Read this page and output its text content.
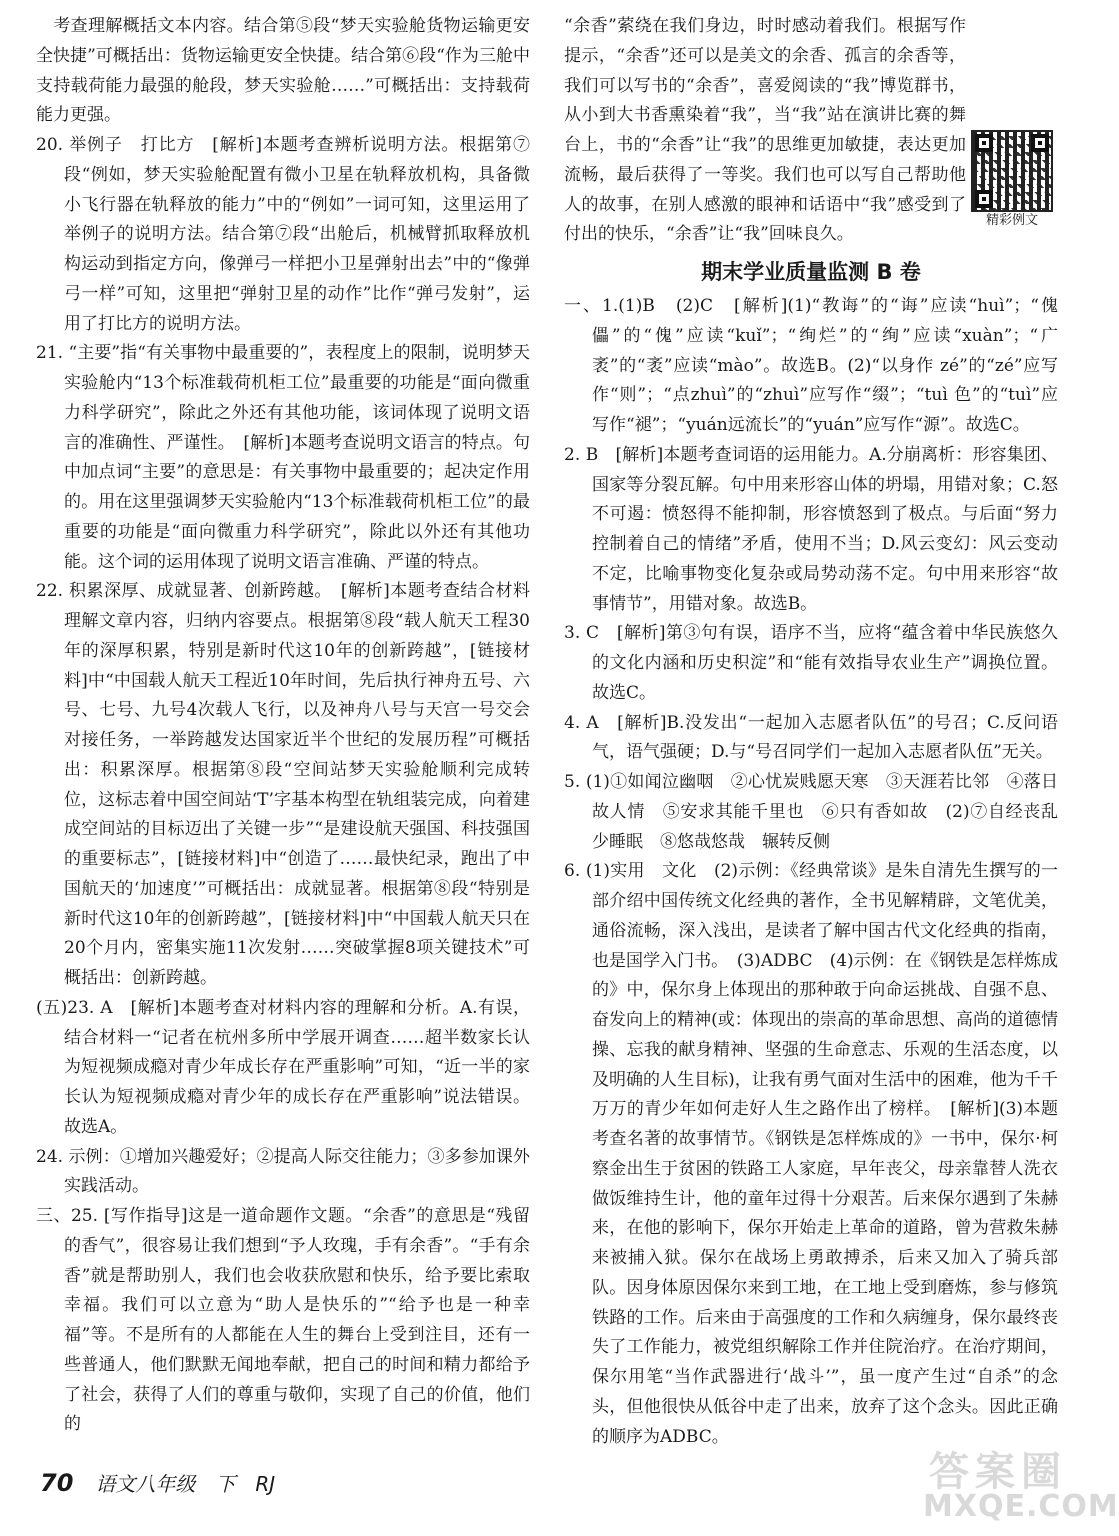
　考查理解概括文本内容。结合第⑤段“梦天实验舱货物运输更安全快捷”可概括出：货物运输更安全快捷。结合第⑥段“作为三舱中支持载荷能力最强的舱段，梦天实验舱……”可概括出：支持载荷能力更强。

20. 举例子　打比方　[解析]本题考查辨析说明方法。根据第⑦段“例如，梦天实验舱配置有微小卫星在轨释放机构，具备微小飞行器在轨释放的能力”中的“例如”一词可知，这里运用了举例子的说明方法。结合第⑦段“出舱后，机械臂抓取释放机构运动到指定方向，像弹弓一样把小卫星弹射出去”中的“像弹弓一样”可知，这里把“弹射卫星的动作”比作“弹弓发射”，运用了打比方的说明方法。

21. “主要”指“有关事物中最重要的”，表程度上的限制，说明梦天实验舱内“13个标准载荷机柜工位”最重要的功能是“面向微重力科学研究”，除此之外还有其他功能，该词体现了说明文语言的准确性、严谨性。　[解析]本题考查说明文语言的特点。句中加点词“主要”的意思是：有关事物中最重要的；起决定作用的。用在这里强调梦天实验舱内“13个标准载荷机柜工位”的最重要的功能是“面向微重力科学研究”，除此以外还有其他功能。这个词的运用体现了说明文语言准确、严谨的特点。

22. 积累深厚、成就显著、创新跨越。　[解析]本题考查结合材料理解文章内容，归纳内容要点。根据第⑧段“载人航天工程30年的深厚积累，特别是新时代这10年的创新跨越”，[链接材料]中“中国载人航天工程近10年时间，先后执行神舟五号、六号、七号、九号4次载人飞行，以及神舟八号与天宫一号交会对接任务，一举跨越发达国家近半个世纪的发展历程”可概括出：积累深厚。根据第⑧段“空间站梦天实验舱顺利完成转位，这标志着中国空间站‘T’字基本构型在轨组装完成，向着建成空间站的目标迈出了关键一步”“是建设航天强国、科技强国的重要标志”，[链接材料]中“创造了……最快纪录，跑出了中国航天的‘加速度’”可概括出：成就显著。根据第⑧段“特别是新时代这10年的创新跨越”，[链接材料]中“中国载人航天只在20个月内，密集实施11次发射……突破掌握8项关键技术”可概括出：创新跨越。

(五)23. A　[解析]本题考查对材料内容的理解和分析。A.有误，结合材料一“记者在杭州多所中学展开调查……超半数家长认为短视频成瘾对青少年成长存在严重影响”可知，“近一半的家长认为短视频成瘾对青少年的成长存在严重影响”说法错误。故选A。

24. 示例：①增加兴趣爱好；②提高人际交往能力；③多参加课外实践活动。

三、25. [写作指导]这是一道命题作文题。“余香”的意思是“残留的香气”，很容易让我们想到“予人玫瑰，手有余香”。“手有余香”就是帮助别人，我们也会收获欣慰和快乐，给予要比索取幸福。我们可以立意为“助人是快乐的”“给予也是一种幸福”等。不是所有的人都能在人生的舞台上受到注目，还有一些普通人，他们默默无闻地奉献，把自己的时间和精力都给予了社会，获得了人们的尊重与敬仰，实现了自己的价值，他们的

精彩例文

“余香”萦绕在我们身边，时时感动着我们。根据写作提示，“余香”还可以是美文的余香、孤言的余香等，我们可以写书的“余香”，喜爱阅读的“我”博览群书，从小到大书香熏染着“我”，当“我”站在演讲比赛的舞台上，书的“余香”让“我”的思维更加敏捷，表达更加流畅，最后获得了一等奖。我们也可以写自己帮助他人的故事，在别人感激的眼神和话语中“我”感受到了付出的快乐，“余香”让“我”回味良久。

期末学业质量监测 B 卷

一、1.(1)B　(2)C　[解析](1)“教诲”的“诲”应读“huì”；“傀儡”的“傀”应读“kuǐ”；“绚烂”的“绚”应读“xuàn”；“广袤”的“袤”应读“mào”。故选B。(2)“以身作 zé”的“zé”应写作“则”；“点zhuì”的“zhuì”应写作“缀”；“tuì 色”的“tuì”应写作“褪”；“yuán远流长”的“yuán”应写作“源”。故选C。

2. B　[解析]本题考查词语的运用能力。A.分崩离析：形容集团、国家等分裂瓦解。句中用来形容山体的坍塌，用错对象；C.怒不可遏：愤怒得不能抑制，形容愤怒到了极点。与后面“努力控制着自己的情绪”矛盾，使用不当；D.风云变幻：风云变动不定，比喻事物变化复杂或局势动荡不定。句中用来形容“故事情节”，用错对象。故选B。

3. C　[解析]第③句有误，语序不当，应将“蕴含着中华民族悠久的文化内涵和历史积淀”和“能有效指导农业生产”调换位置。故选C。

4. A　[解析]B.没发出“一起加入志愿者队伍”的号召；C.反问语气，语气强硬；D.与“号召同学们一起加入志愿者队伍”无关。

5. (1)①如闻泣幽咽　②心忧炭贱愿天寒　③天涯若比邻　④落日故人情　⑤安求其能千里也　⑥只有香如故　(2)⑦自经丧乱少睡眠　⑧悠哉悠哉　辗转反侧

6. (1)实用　文化　(2)示例：《经典常谈》是朱自清先生撰写的一部介绍中国传统文化经典的著作，全书见解精辟，文笔优美，通俗流畅，深入浅出，是读者了解中国古代文化经典的指南，也是国学入门书。　(3)ADBC　(4)示例：在《钢铁是怎样炼成的》中，保尔身上体现出的那种敢于向命运挑战、自强不息、奋发向上的精神(或：体现出的崇高的革命思想、高尚的道德情操、忘我的献身精神、坚强的生命意志、乐观的生活态度，以及明确的人生目标)，让我有勇气面对生活中的困难，他为千千万万的青少年如何走好人生之路作出了榜样。　[解析](3)本题考查名著的故事情节。《钢铁是怎样炼成的》一书中，保尔·柯察金出生于贫困的铁路工人家庭，早年丧父，母亲靠替人洗衣做饭维持生计，他的童年过得十分艰苦。后来保尔遇到了朱赫来，在他的影响下，保尔开始走上革命的道路，曾为营救朱赫来被捕入狱。保尔在战场上勇敢搏杀，后来又加入了骑兵部队。因身体原因保尔来到工地，在工地上受到磨炼，参与修筑铁路的工作。后来由于高强度的工作和久病缠身，保尔最终丧失了工作能力，被党组织解除工作并住院治疗。在治疗期间，保尔用笔“当作武器进行‘战斗’”，虽一度产生过“自杀”的念头，但他很快从低谷中走了出来，放弃了这个念头。因此正确的顺序为ADBC。

70 语文八年级　下　RJ	答案圈
MXQE.COM
